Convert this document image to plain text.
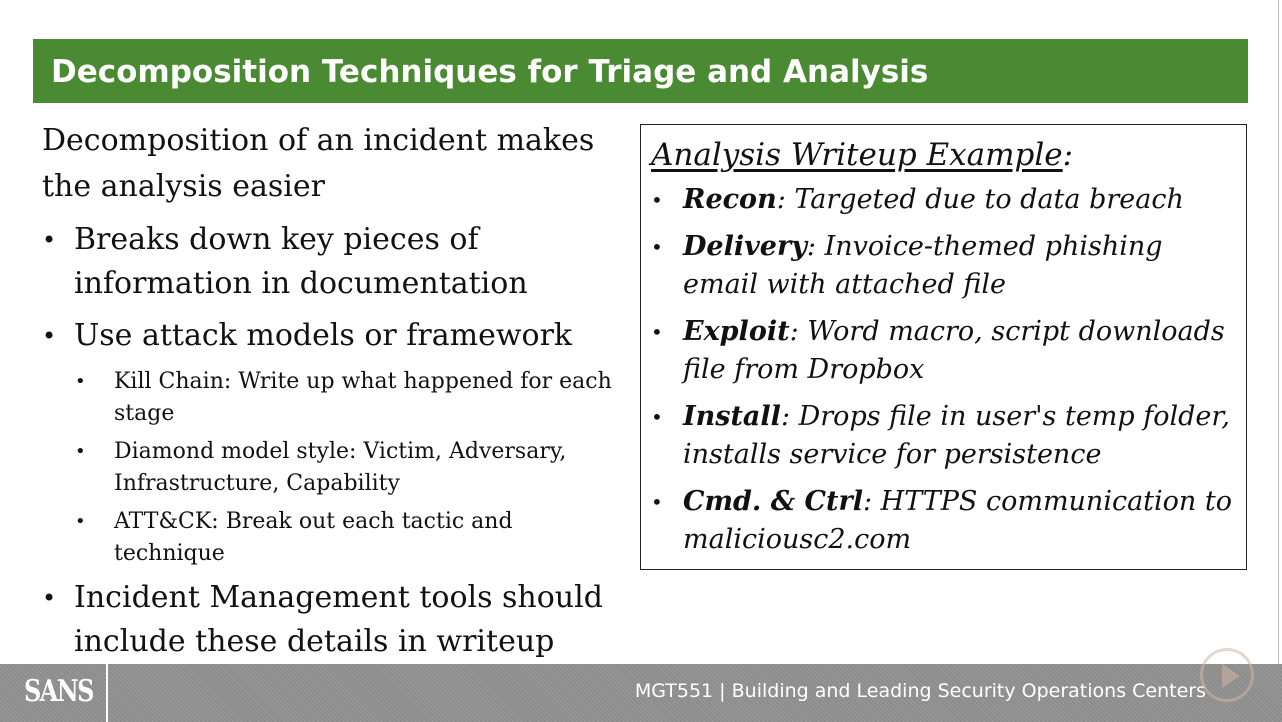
Decomposition Techniques for Triage and Analysis

Decomposition of an incident makes the analysis easier

• Breaks down key pieces of information in documentation

• Use attack models or framework

• Kill Chain: Write up what happened for each stage

• Diamond model style: Victim, Adversary, Infrastructure, Capability

• ATT&CK: Break out each tactic and technique

• Incident Management tools should include these details in writeup

Analysis Writeup Example:

• Recon: Targeted due to data breach

• Delivery: Invoice-themed phishing email with attached file

• Exploit: Word macro, script downloads file from Dropbox

• Install: Drops file in user's temp folder, installs service for persistence

• Cmd. & Ctrl: HTTPS communication to maliciousc2.com

SANS	MGT551 | Building and Leading Security Operations Centers
